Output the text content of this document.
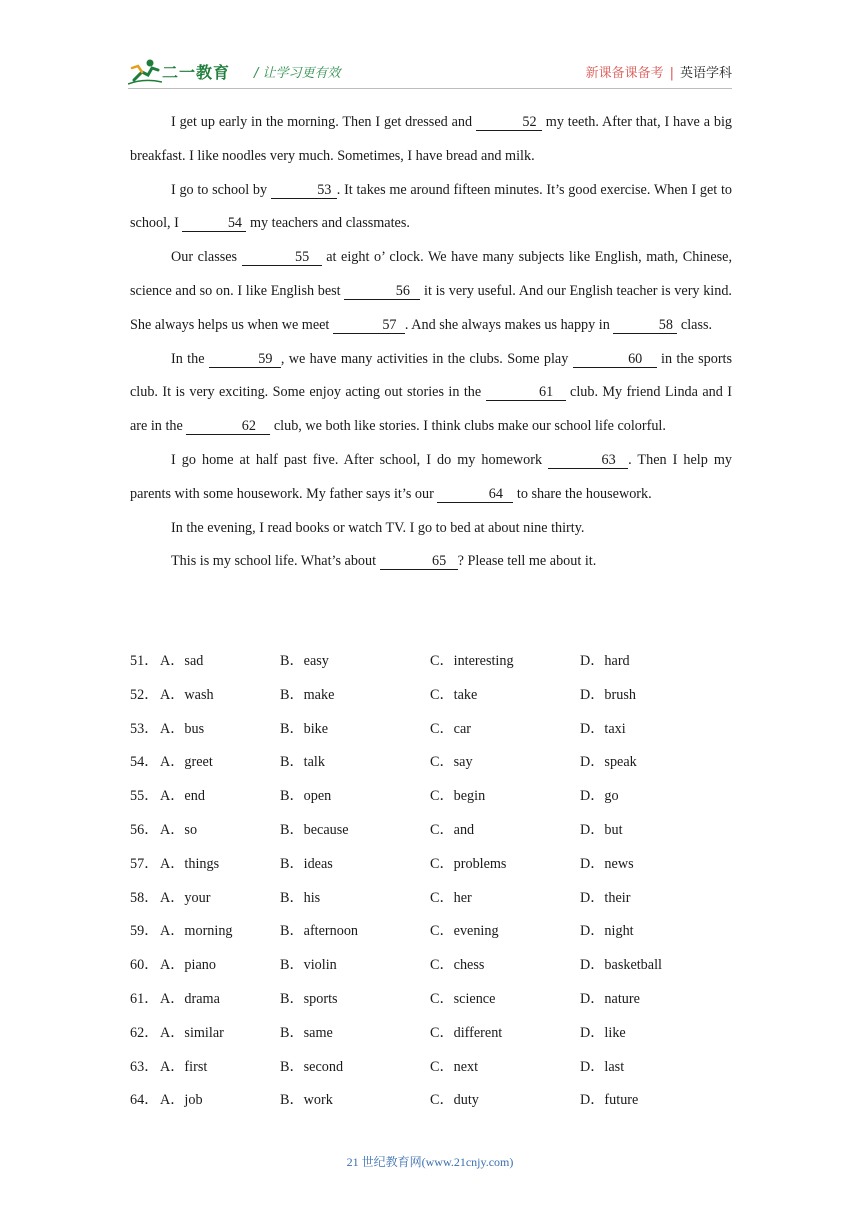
二一教育 / 让学习更有效	新课备课备考 | 英语学科

I get up early in the morning. Then I get dressed and	52 my teeth. After that, I have a big breakfast. I like noodles very much. Sometimes, I have bread and milk.

I go to school by	53 . It takes me around fifteen minutes. It’s good exercise. When I get to school, I	54 my teachers and classmates.

Our classes	55 at eight o’ clock. We have many subjects like English, math, Chinese, science and so on. I like English best	56 it is very useful. And our English teacher is very kind. She always helps us when we meet	57 . And she always makes us happy in	58 class.

In the	59 , we have many activities in the clubs. Some play	60 in the sports club. It is very exciting. Some enjoy acting out stories in the	61 club. My friend Linda and I are in the	62 club, we both like stories. I think clubs make our school life colorful.

I go home at half past five. After school, I do my homework	63 . Then I help my parents with some housework. My father says it’s our	64 to share the housework.

In the evening, I read books or watch TV. I go to bed at about nine thirty.

This is my school life. What’s about	65 ? Please tell me about it.

51． A．sad	B．easy	C．interesting	D．hard
52． A．wash	B．make	C．take	D．brush
53． A．bus	B．bike	C．car	D．taxi
54． A．greet	B．talk	C．say	D．speak
55． A．end	B．open	C．begin	D．go
56． A．so	B．because	C．and	D．but
57． A．things	B．ideas	C．problems	D．news
58． A．your	B．his	C．her	D．their
59． A．morning	B．afternoon	C．evening	D．night
60． A．piano	B．violin	C．chess	D．basketball
61． A．drama	B．sports	C．science	D．nature
62． A．similar	B．same	C．different	D．like
63． A．first	B．second	C．next	D．last
64． A．job	B．work	C．duty	D．future
21 世纪教育网(www.21cnjy.com)
